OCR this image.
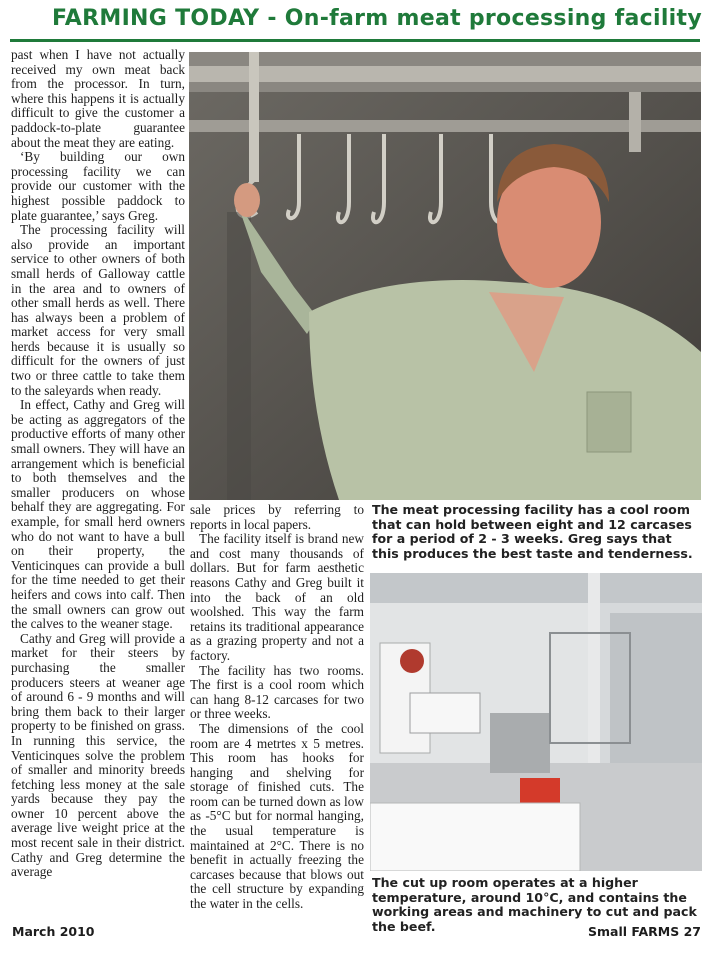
FARMING TODAY - On-farm meat processing facility

past when I have not actually received my own meat back from the processor. In turn, where this happens it is actually difficult to give the customer a paddock-to-plate guarantee about the meat they are eating.

‘By building our own processing facility we can provide our customer with the highest possible paddock to plate guarantee,’ says Greg.

The processing facility will also provide an important service to other owners of both small herds of Galloway cattle in the area and to owners of other small herds as well. There has always been a problem of market access for very small herds because it is usually so difficult for the owners of just two or three cattle to take them to the saleyards when ready.

In effect, Cathy and Greg will be acting as aggregators of the productive efforts of many other small owners. They will have an arrangement which is beneficial to both themselves and the smaller producers on whose behalf they are aggregating. For example, for small herd owners who do not want to have a bull on their property, the Venticinques can provide a bull for the time needed to get their heifers and cows into calf. Then the small owners can grow out the calves to the weaner stage.

Cathy and Greg will provide a market for their steers by purchasing the smaller producers steers at weaner age of around 6 - 9 months and will bring them back to their larger property to be finished on grass. In running this service, the Venticinques solve the problem of smaller and minority breeds fetching less money at the sale yards because they pay the owner 10 percent above the average live weight price at the most recent sale in their district. Cathy and Greg determine the average

sale prices by referring to reports in local papers.

The facility itself is brand new and cost many thousands of dollars. But for farm aesthetic reasons Cathy and Greg built it into the back of an old woolshed. This way the farm retains its traditional appearance as a grazing property and not a factory.

The facility has two rooms. The first is a cool room which can hang 8-12 carcases for two or three weeks.

The dimensions of the cool room are 4 metrtes x 5 metres. This room has hooks for hanging and shelving for storage of finished cuts. The room can be turned down as low as -5°C but for normal hanging, the usual temperature is maintained at 2°C. There is no benefit in actually freezing the carcases because that blows out the cell structure by expanding the water in the cells.

The meat processing facility has a cool room that can hold between eight and 12 carcases for a period of 2 - 3 weeks. Greg says that this produces the best taste and tenderness.
The cut up room operates at a higher temperature, around 10°C, and contains the working areas and machinery to cut and pack the beef.
March 2010	Small FARMS 27
